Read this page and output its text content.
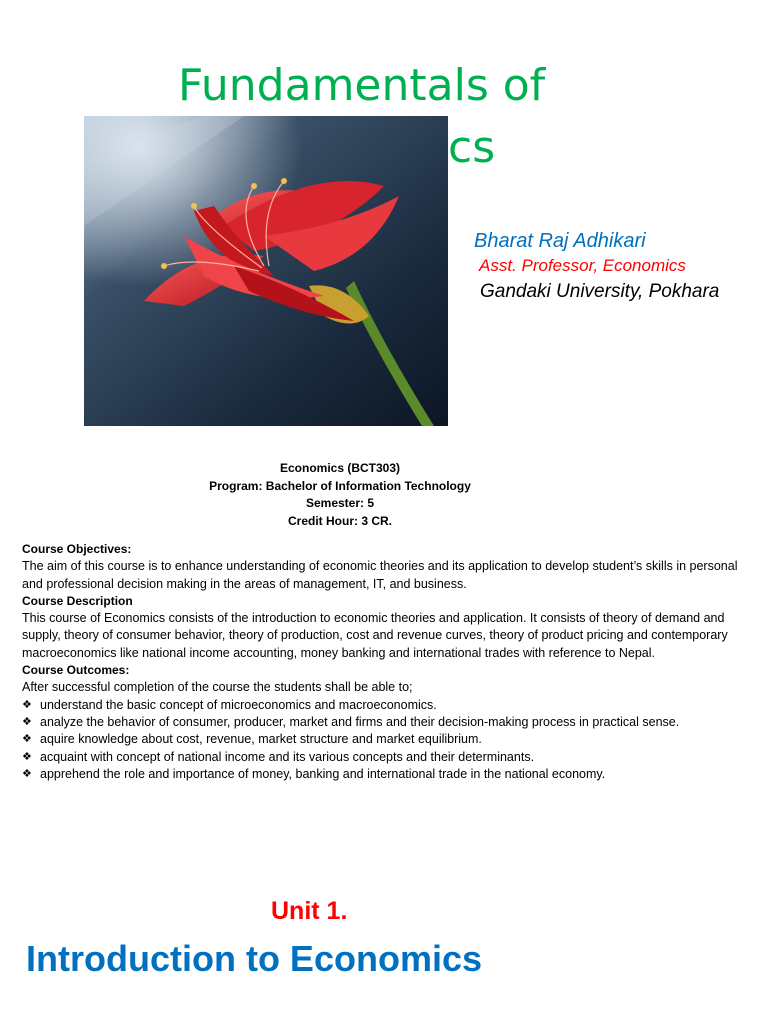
Fundamentals of
cs
Bharat Raj Adhikari
Asst. Professor, Economics
Gandaki University, Pokhara
Economics (BCT303)
Program: Bachelor of Information Technology
Semester: 5
Credit Hour: 3 CR.
Course Objectives:
The aim of this course is to enhance understanding of economic theories and its application to develop student’s skills in personal and professional decision making in the areas of management, IT, and business.
Course Description
This course of Economics consists of the introduction to economic theories and application. It consists of theory of demand and supply, theory of consumer behavior, theory of production, cost and revenue curves, theory of product pricing and contemporary macroeconomics like national income accounting, money banking and international trades with reference to Nepal.
Course Outcomes:
After successful completion of the course the students shall be able to;
❖ understand the basic concept of microeconomics and macroeconomics.
❖ analyze the behavior of consumer, producer, market and firms and their decision-making process in practical sense.
❖ aquire knowledge about cost, revenue, market structure and market equilibrium.
❖ acquaint with concept of national income and its various concepts and their determinants.
❖ apprehend the role and importance of money, banking and international trade in the national economy.
Unit 1.
Introduction to Economics
